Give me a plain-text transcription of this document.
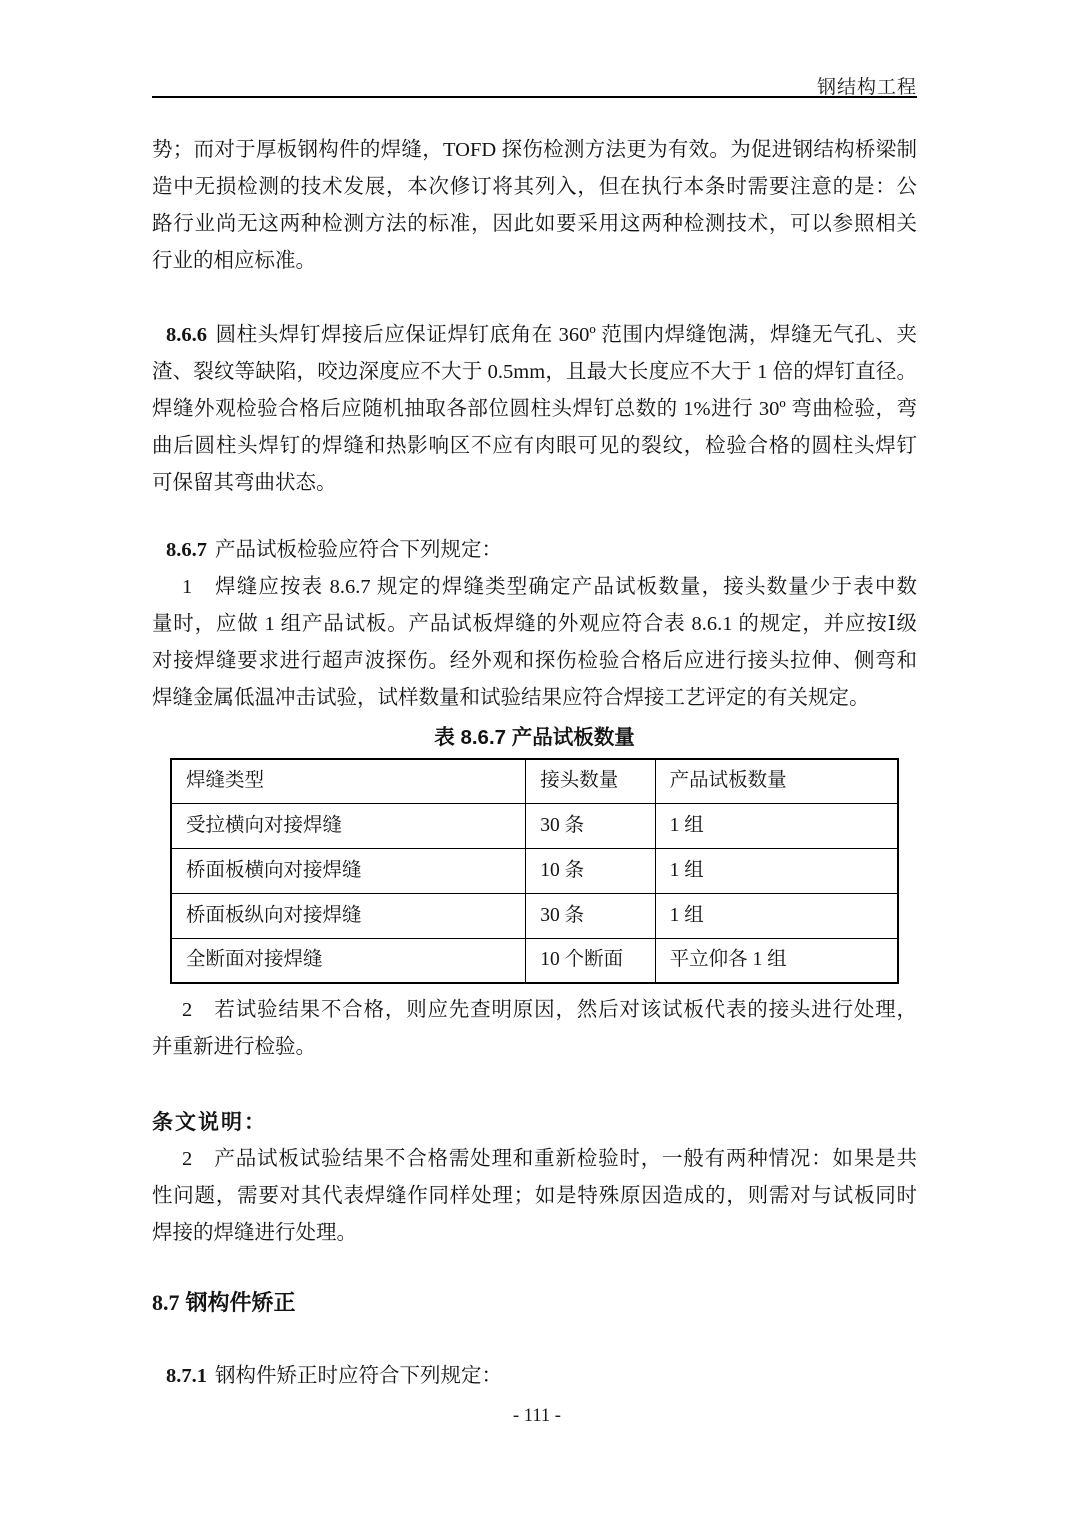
钢结构工程
势；而对于厚板钢构件的焊缝，TOFD 探伤检测方法更为有效。为促进钢结构桥梁制
造中无损检测的技术发展，本次修订将其列入，但在执行本条时需要注意的是：公
路行业尚无这两种检测方法的标准，因此如要采用这两种检测技术，可以参照相关
行业的相应标准。
8.6.6 圆柱头焊钉焊接后应保证焊钉底角在 360º 范围内焊缝饱满，焊缝无气孔、夹
渣、裂纹等缺陷，咬边深度应不大于 0.5mm，且最大长度应不大于 1 倍的焊钉直径。
焊缝外观检验合格后应随机抽取各部位圆柱头焊钉总数的 1%进行 30º 弯曲检验，弯
曲后圆柱头焊钉的焊缝和热影响区不应有肉眼可见的裂纹，检验合格的圆柱头焊钉
可保留其弯曲状态。
8.6.7 产品试板检验应符合下列规定：
1　焊缝应按表 8.6.7 规定的焊缝类型确定产品试板数量，接头数量少于表中数
量时，应做 1 组产品试板。产品试板焊缝的外观应符合表 8.6.1 的规定，并应按Ⅰ级
对接焊缝要求进行超声波探伤。经外观和探伤检验合格后应进行接头拉伸、侧弯和
焊缝金属低温冲击试验，试样数量和试验结果应符合焊接工艺评定的有关规定。
表 8.6.7 产品试板数量
焊缝类型	接头数量	产品试板数量
受拉横向对接焊缝	30 条	1 组
桥面板横向对接焊缝	10 条	1 组
桥面板纵向对接焊缝	30 条	1 组
全断面对接焊缝	10 个断面	平立仰各 1 组
2　若试验结果不合格，则应先查明原因，然后对该试板代表的接头进行处理，
并重新进行检验。
条文说明：
2　产品试板试验结果不合格需处理和重新检验时，一般有两种情况：如果是共
性问题，需要对其代表焊缝作同样处理；如是特殊原因造成的，则需对与试板同时
焊接的焊缝进行处理。
8.7 钢构件矫正
8.7.1 钢构件矫正时应符合下列规定：
- 111 -
